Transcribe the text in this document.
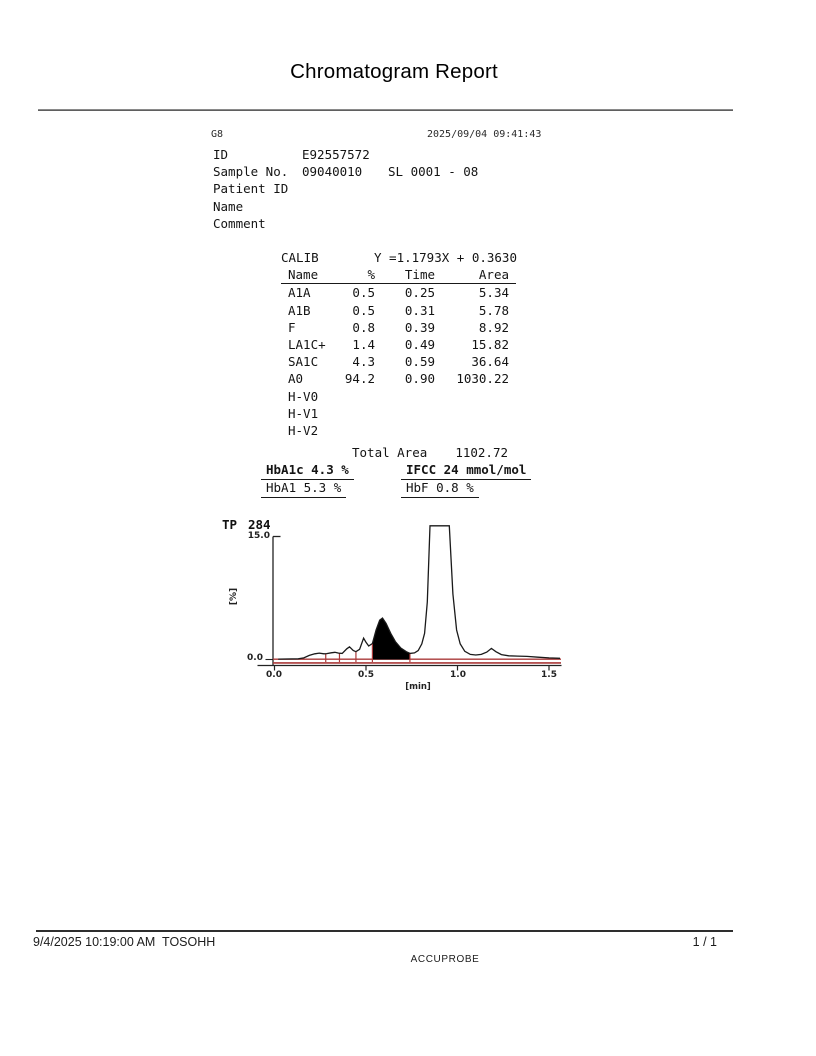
Chromatogram Report
G8	2025/09/04 09:41:43
ID	E92557572
Sample No. 09040010 SL 0001 - 08
Patient ID
Name
Comment
CALIB	Y =1.1793X + 0.3630
Name	%	Time	Area
A1A	0.5	0.25	5.34
A1B	0.5	0.31	5.78
F	0.8	0.39	8.92
LA1C+	1.4	0.49	15.82
SA1C	4.3	0.59	36.64
A0	94.2	0.90	1030.22
H-V0
H-V1
H-V2
Total Area 1102.72
HbA1c 4.3 %	IFCC 24 mmol/mol
HbA1 5.3 %	HbF 0.8 %
TP 284
15.0
0.0
[%]
0.0	0.5	1.0	1.5
[min]
9/4/2025 10:19:00 AM  TOSOHH	1 / 1
ACCUPROBE
